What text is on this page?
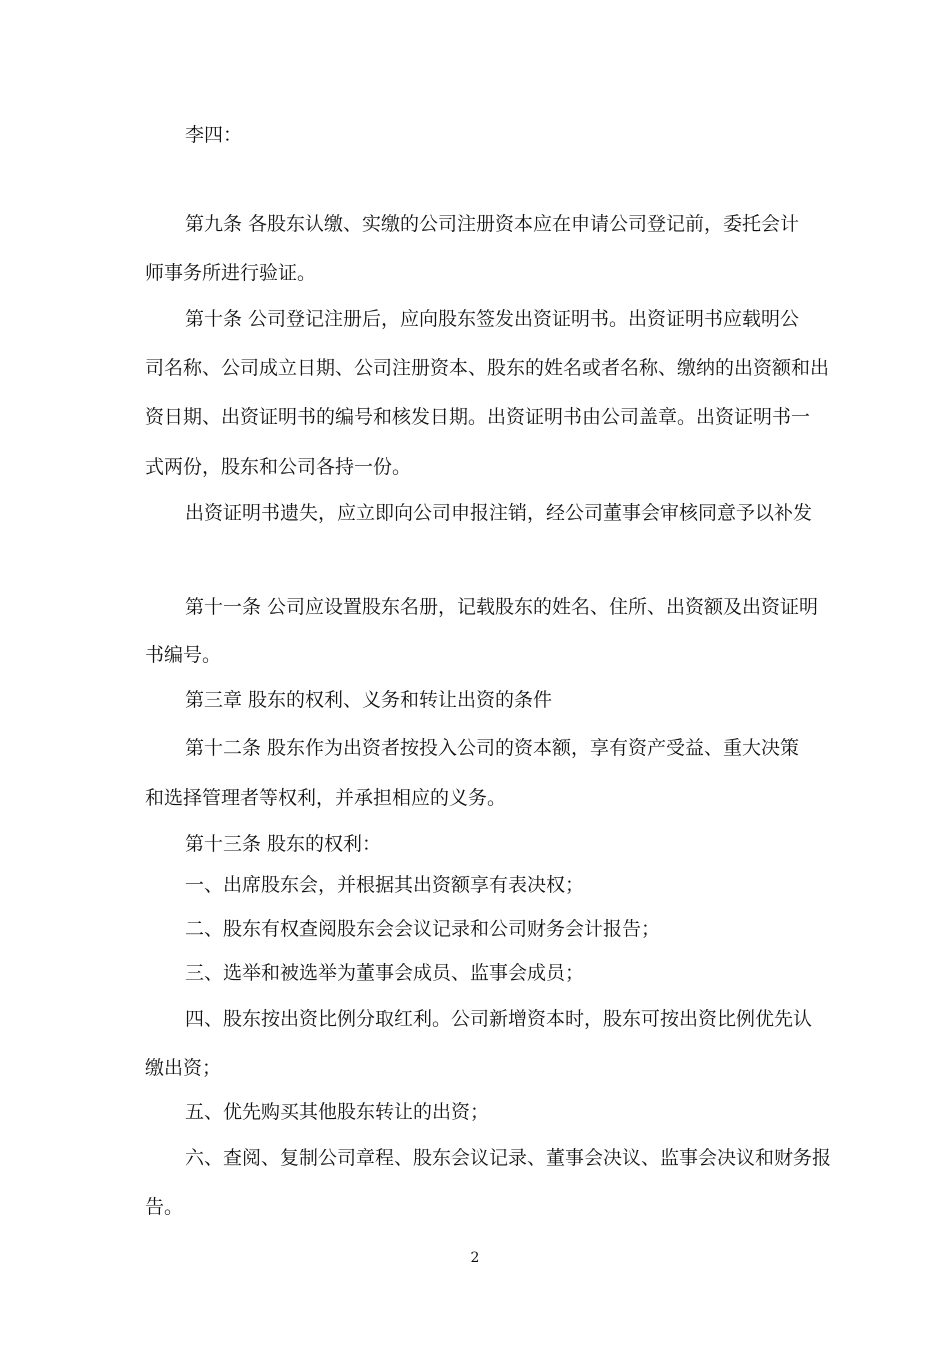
李四：
第九条 各股东认缴、实缴的公司注册资本应在申请公司登记前，委托会计
师事务所进行验证。
第十条 公司登记注册后，应向股东签发出资证明书。出资证明书应载明公
司名称、公司成立日期、公司注册资本、股东的姓名或者名称、缴纳的出资额和出
资日期、出资证明书的编号和核发日期。出资证明书由公司盖章。出资证明书一
式两份，股东和公司各持一份。
出资证明书遗失，应立即向公司申报注销，经公司董事会审核同意予以补发
第十一条 公司应设置股东名册，记载股东的姓名、住所、出资额及出资证明
书编号。
第三章 股东的权利、义务和转让出资的条件
第十二条 股东作为出资者按投入公司的资本额，享有资产受益、重大决策
和选择管理者等权利，并承担相应的义务。
第十三条 股东的权利：
一、出席股东会，并根据其出资额享有表决权；
二、股东有权查阅股东会会议记录和公司财务会计报告；
三、选举和被选举为董事会成员、监事会成员；
四、股东按出资比例分取红利。公司新增资本时，股东可按出资比例优先认
缴出资；
五、优先购买其他股东转让的出资；
六、查阅、复制公司章程、股东会议记录、董事会决议、监事会决议和财务报
告。
2
